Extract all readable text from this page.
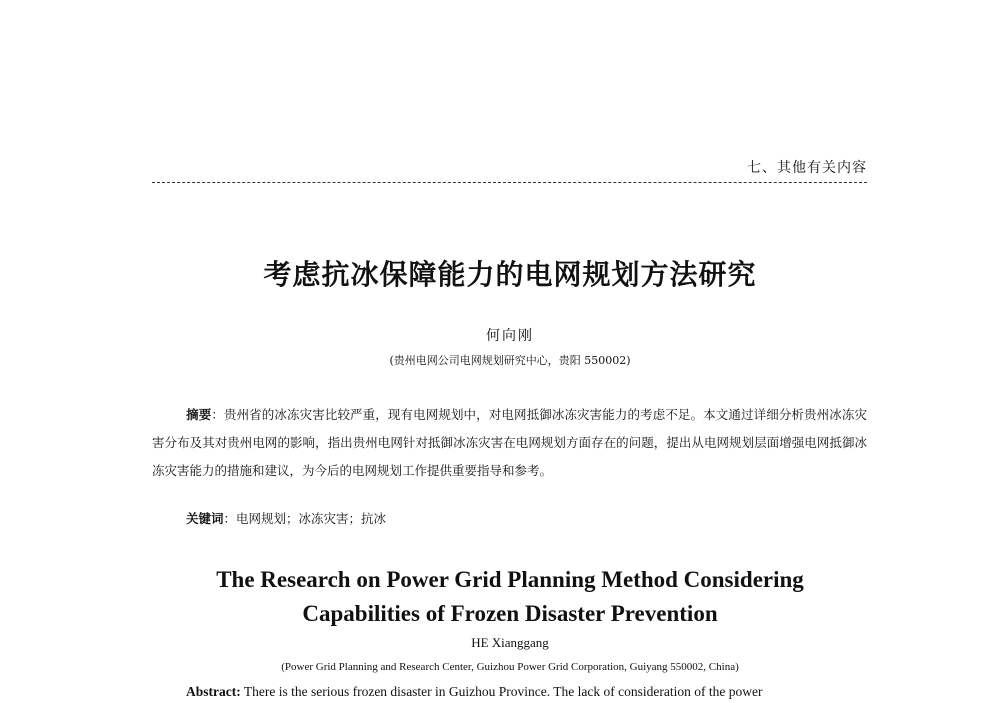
七、其他有关内容
考虑抗冰保障能力的电网规划方法研究
何向刚
(贵州电网公司电网规划研究中心，贵阳 550002)
摘要：贵州省的冰冻灾害比较严重，现有电网规划中，对电网抵御冰冻灾害能力的考虑不足。本文通过详细分析贵州冰冻灾害分布及其对贵州电网的影响，指出贵州电网针对抵御冰冻灾害在电网规划方面存在的问题，提出从电网规划层面增强电网抵御冰冻灾害能力的措施和建议，为今后的电网规划工作提供重要指导和参考。
关键词：电网规划；冰冻灾害；抗冰
The Research on Power Grid Planning Method Considering
Capabilities of Frozen Disaster Prevention
HE Xianggang
(Power Grid Planning and Research Center, Guizhou Power Grid Corporation, Guiyang 550002, China)
Abstract: There is the serious frozen disaster in Guizhou Province. The lack of consideration of the power
